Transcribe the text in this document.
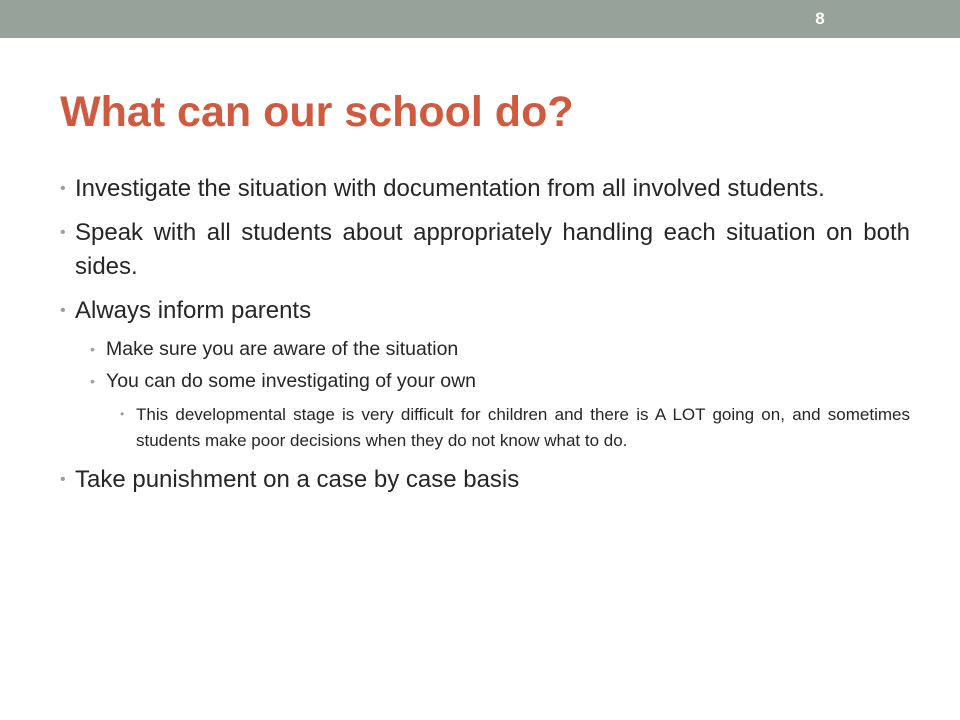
8
What can our school do?
• Investigate the situation with documentation from all involved students.
• Speak with all students about appropriately handling each situation on both sides.
• Always inform parents
• Make sure you are aware of the situation
• You can do some investigating of your own
• This developmental stage is very difficult for children and there is A LOT going on, and sometimes students make poor decisions when they do not know what to do.
• Take punishment on a case by case basis
